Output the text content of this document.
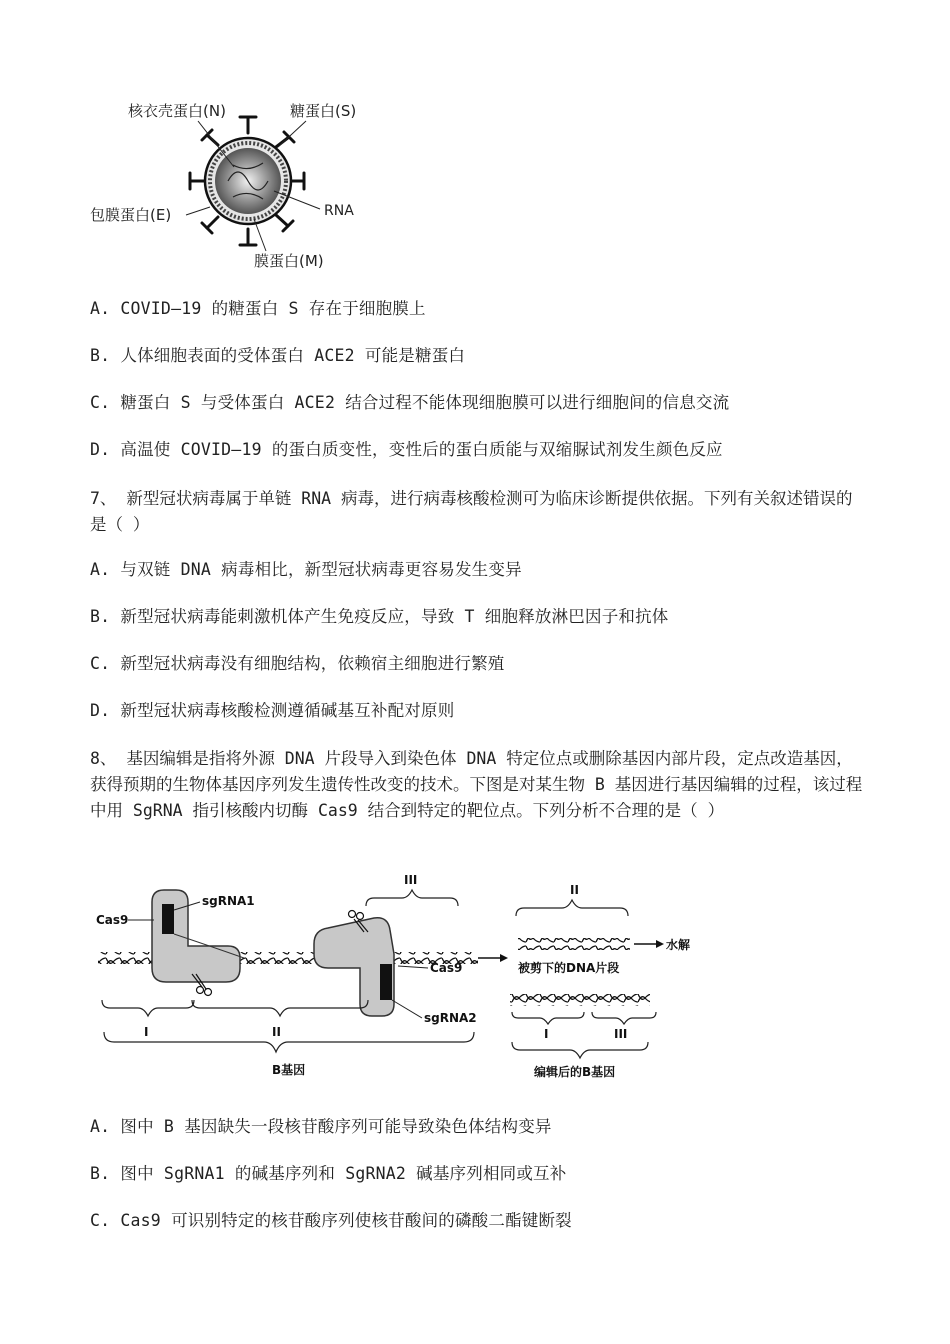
核衣壳蛋白(N)	糖蛋白(S)
RNA
包膜蛋白(E)
膜蛋白(M)
A. COVID—19 的糖蛋白 S 存在于细胞膜上
B. 人体细胞表面的受体蛋白 ACE2 可能是糖蛋白
C. 糖蛋白 S 与受体蛋白 ACE2 结合过程不能体现细胞膜可以进行细胞间的信息交流
D. 高温使 COVID—19 的蛋白质变性，变性后的蛋白质能与双缩脲试剂发生颜色反应
7、 新型冠状病毒属于单链 RNA 病毒，进行病毒核酸检测可为临床诊断提供依据。下列有关叙述错误的是（ ）
A. 与双链 DNA 病毒相比，新型冠状病毒更容易发生变异
B. 新型冠状病毒能刺激机体产生免疫反应，导致 T 细胞释放淋巴因子和抗体
C. 新型冠状病毒没有细胞结构，依赖宿主细胞进行繁殖
D. 新型冠状病毒核酸检测遵循碱基互补配对原则
8、 基因编辑是指将外源 DNA 片段导入到染色体 DNA 特定位点或删除基因内部片段，定点改造基因，获得预期的生物体基因序列发生遗传性改变的技术。下图是对某生物 B 基因进行基因编辑的过程，该过程中用 SgRNA 指引核酸内切酶 Cas9 结合到特定的靶位点。下列分析不合理的是（ ）
Cas9
sgRNA1
Cas9
sgRNA2
III
I	II
B基因
II
水解
被剪下的DNA片段
I	III
编辑后的B基因
A. 图中 B 基因缺失一段核苷酸序列可能导致染色体结构变异
B. 图中 SgRNA1 的碱基序列和 SgRNA2 碱基序列相同或互补
C. Cas9 可识别特定的核苷酸序列使核苷酸间的磷酸二酯键断裂
